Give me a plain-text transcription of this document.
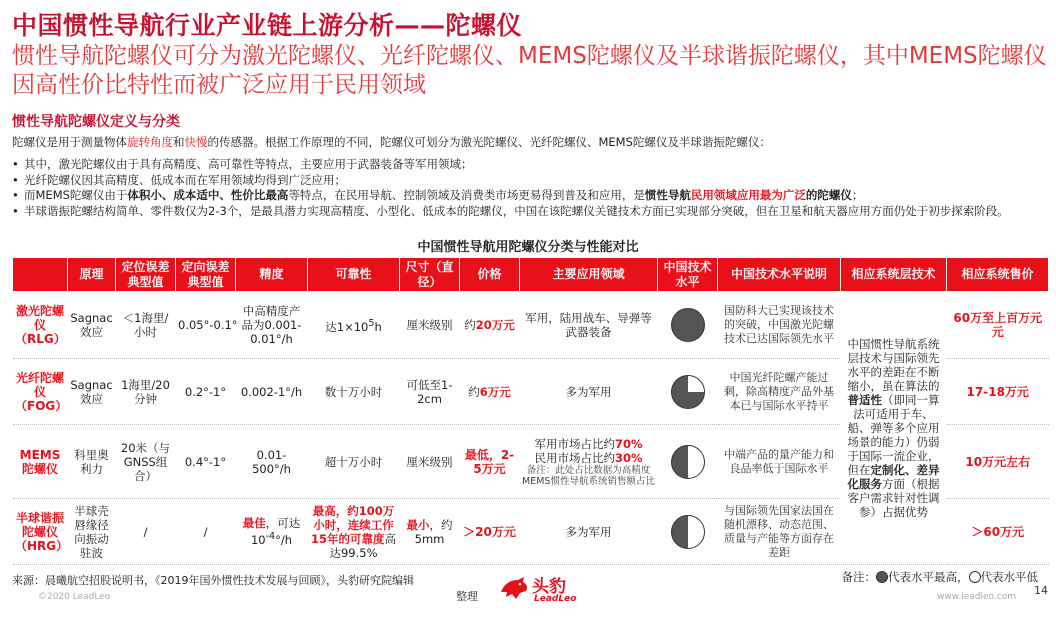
中国惯性导航行业产业链上游分析——陀螺仪
惯性导航陀螺仪可分为激光陀螺仪、光纤陀螺仪、MEMS陀螺仪及半球谐振陀螺仪，其中MEMS陀螺仪因高性价比特性而被广泛应用于民用领域
惯性导航陀螺仪定义与分类
陀螺仪是用于测量物体旋转角度和快慢的传感器。根据工作原理的不同，陀螺仪可划分为激光陀螺仪、光纤陀螺仪、MEMS陀螺仪及半球谐振陀螺仪：
• 其中，激光陀螺仪由于具有高精度、高可靠性等特点，主要应用于武器装备等军用领域；
• 光纤陀螺仪因其高精度、低成本而在军用领域均得到广泛应用；
• 而MEMS陀螺仪由于体积小、成本适中、性价比最高等特点，在民用导航、控制领域及消费类市场更易得到普及和应用，是惯性导航民用领域应用最为广泛的陀螺仪；
• 半球谐振陀螺结构简单、零件数仅为2-3个，是最具潜力实现高精度、小型化、低成本的陀螺仪，中国在该陀螺仪关键技术方面已实现部分突破，但在卫星和航天器应用方面仍处于初步探索阶段。
中国惯性导航用陀螺仪分类与性能对比
	原理	定位误差典型值	定向误差典型值	精度	可靠性	尺寸（直径）	价格	主要应用领域	中国技术水平	中国技术水平说明	相应系统层技术	相应系统售价
激光陀螺仪（RLG）	Sagnac效应	＜1海里/小时	0.05°-0.1°	中高精度产品为0.001-0.01°/h	达$1\times 10^5h$	厘米级别	约20万元	军用，陆用战车、导弹等武器装备		国防科大已实现该技术的突破，中国激光陀螺技术已达国际领先水平	中国惯性导航系统层技术与国际领先水平的差距在不断缩小，虽在算法的普适性（即同一算法可适用于车、船、弹等多个应用场景的能力）仍弱于国际一流企业，但在定制化、差异化服务方面（根据客户需求针对性调参）占据优势	60万至上百万元元
光纤陀螺仪（FOG）	Sagnac效应	1海里/20分钟	0.2°-1°	0.002-1°/h	数十万小时	可低至1-2cm	约6万元	多为军用		中国光纤陀螺产能过剩，除高精度产品外基本已与国际水平持平		17-18万元
MEMS陀螺仪	科里奥利力	20米（与GNSS组合）	0.4°-1°	0.01-500°/h	超十万小时	厘米级别	最低，2-5万元	军用市场占比约70%
民用市场占比约30%
备注：此处占比数据为高精度MEMS惯性导航系统销售额占比		中端产品的量产能力和良品率低于国际水平		10万元左右
半球谐振陀螺仪（HRG）	半球壳唇缘径向振动驻波	/	/	最佳，可达$10^{-4}^\circ/h$	最高，约100万小时，连续工作15年的可靠度高达99.5%	最小，约5mm	＞20万元	多为军用		与国际领先国家法国在随机漂移、动态范围、质量与产能等方面存在差距		＞60万元
来源：晨曦航空招股说明书，《2019年国外惯性技术发展与回顾》，头豹研究院编辑
整理	头豹
LeadLeo
备注： 代表水平最高， 代表水平低
©2020 LeadLeo	www.leadleo.com 14
